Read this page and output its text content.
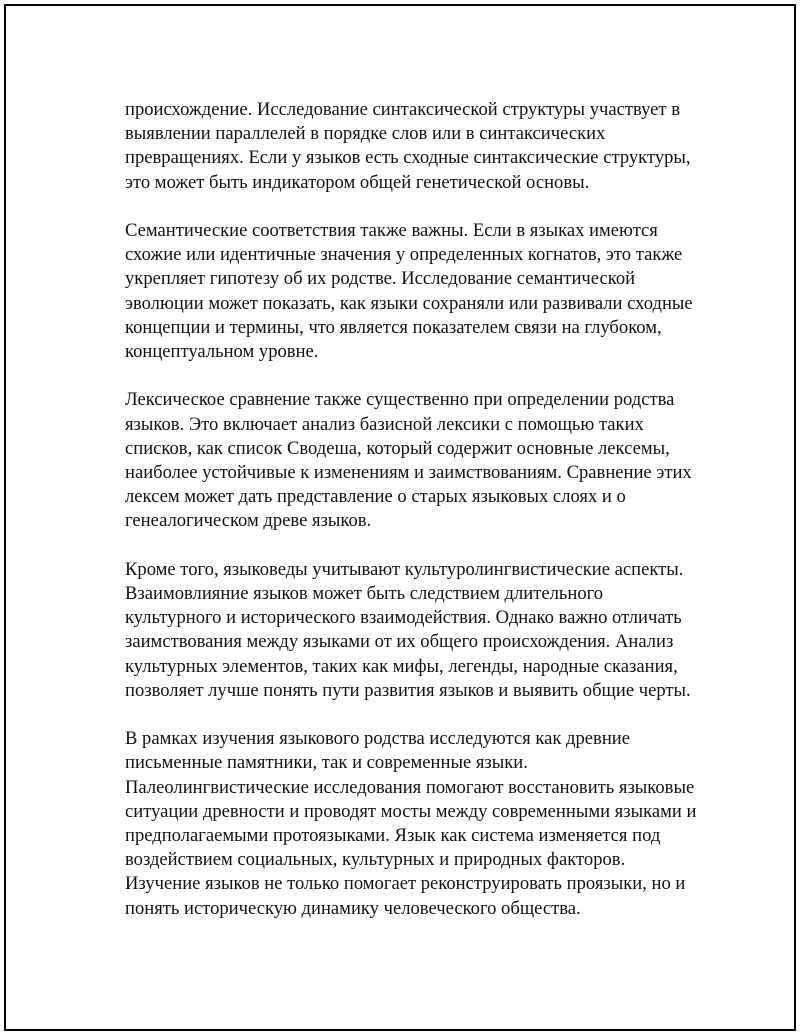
происхождение. Исследование синтаксической структуры участвует в
выявлении параллелей в порядке слов или в синтаксических
превращениях. Если у языков есть сходные синтаксические структуры,
это может быть индикатором общей генетической основы.

Семантические соответствия также важны. Если в языках имеются
схожие или идентичные значения у определенных когнатов, это также
укрепляет гипотезу об их родстве. Исследование семантической
эволюции может показать, как языки сохраняли или развивали сходные
концепции и термины, что является показателем связи на глубоком,
концептуальном уровне.

Лексическое сравнение также существенно при определении родства
языков. Это включает анализ базисной лексики с помощью таких
списков, как список Сводеша, который содержит основные лексемы,
наиболее устойчивые к изменениям и заимствованиям. Сравнение этих
лексем может дать представление о старых языковых слоях и о
генеалогическом древе языков.

Кроме того, языковеды учитывают культуролингвистические аспекты.
Взаимовлияние языков может быть следствием длительного
культурного и исторического взаимодействия. Однако важно отличать
заимствования между языками от их общего происхождения. Анализ
культурных элементов, таких как мифы, легенды, народные сказания,
позволяет лучше понять пути развития языков и выявить общие черты.

В рамках изучения языкового родства исследуются как древние
письменные памятники, так и современные языки.
Палеолингвистические исследования помогают восстановить языковые
ситуации древности и проводят мосты между современными языками и
предполагаемыми протоязыками. Язык как система изменяется под
воздействием социальных, культурных и природных факторов.
Изучение языков не только помогает реконструировать проязыки, но и
понять историческую динамику человеческого общества.
